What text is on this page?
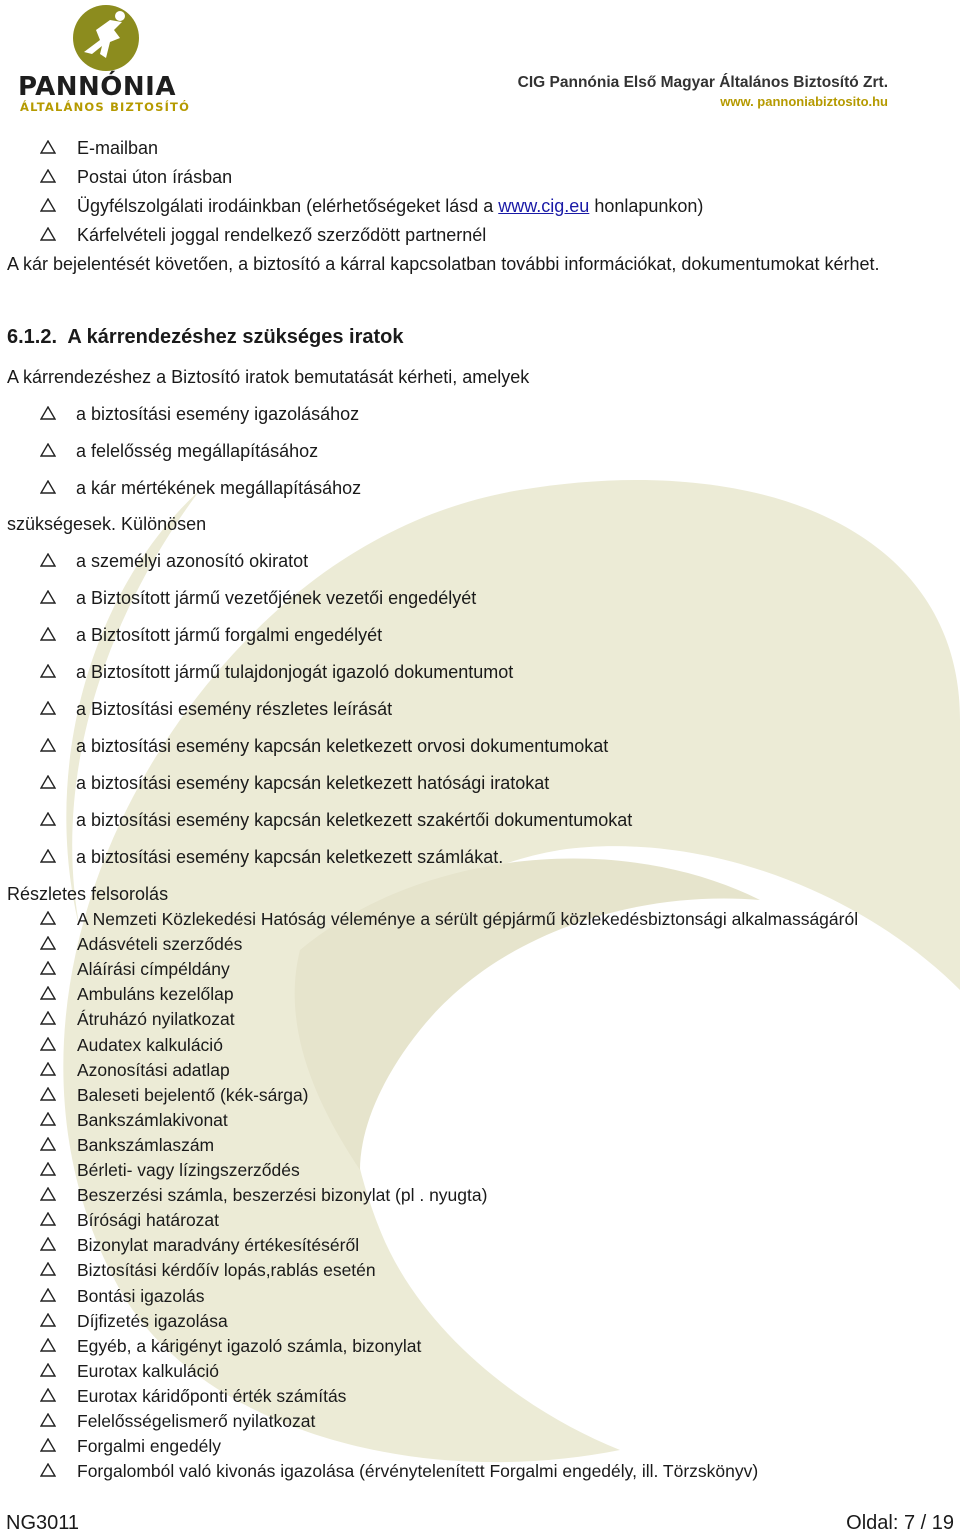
PANNÓNIA
ÁLTALÁNOS BIZTOSÍTÓ
CIG Pannónia Első Magyar Általános Biztosító Zrt.
www. pannoniabiztosito.hu
E-mailban
Postai úton írásban
Ügyfélszolgálati irodáinkban (elérhetőségeket lásd a www.cig.eu honlapunkon)
Kárfelvételi joggal rendelkező szerződött partnernél
A kár bejelentését követően, a biztosító a kárral kapcsolatban további információkat, dokumentumokat kérhet.
6.1.2. A kárrendezéshez szükséges iratok
A kárrendezéshez a Biztosító iratok bemutatását kérheti, amelyek
a biztosítási esemény igazolásához
a felelősség megállapításához
a kár mértékének megállapításához
szükségesek. Különösen
a személyi azonosító okiratot
a Biztosított jármű vezetőjének vezetői engedélyét
a Biztosított jármű forgalmi engedélyét
a Biztosított jármű tulajdonjogát igazoló dokumentumot
a Biztosítási esemény részletes leírását
a biztosítási esemény kapcsán keletkezett orvosi dokumentumokat
a biztosítási esemény kapcsán keletkezett hatósági iratokat
a biztosítási esemény kapcsán keletkezett szakértői dokumentumokat
a biztosítási esemény kapcsán keletkezett számlákat.
Részletes felsorolás
A Nemzeti Közlekedési Hatóság véleménye a sérült gépjármű közlekedésbiztonsági alkalmasságáról
Adásvételi szerződés
Aláírási címpéldány
Ambuláns kezelőlap
Átruházó nyilatkozat
Audatex kalkuláció
Azonosítási adatlap
Baleseti bejelentő (kék-sárga)
Bankszámlakivonat
Bankszámlaszám
Bérleti- vagy lízingszerződés
Beszerzési számla, beszerzési bizonylat (pl . nyugta)
Bírósági határozat
Bizonylat maradvány értékesítéséről
Biztosítási kérdőív lopás,rablás esetén
Bontási igazolás
Díjfizetés igazolása
Egyéb, a kárigényt igazoló számla, bizonylat
Eurotax kalkuláció
Eurotax káridőponti érték számítás
Felelősségelismerő nyilatkozat
Forgalmi engedély
Forgalomból való kivonás igazolása (érvénytelenített Forgalmi engedély, ill. Törzskönyv)
NG3011	Oldal: 7 / 19
